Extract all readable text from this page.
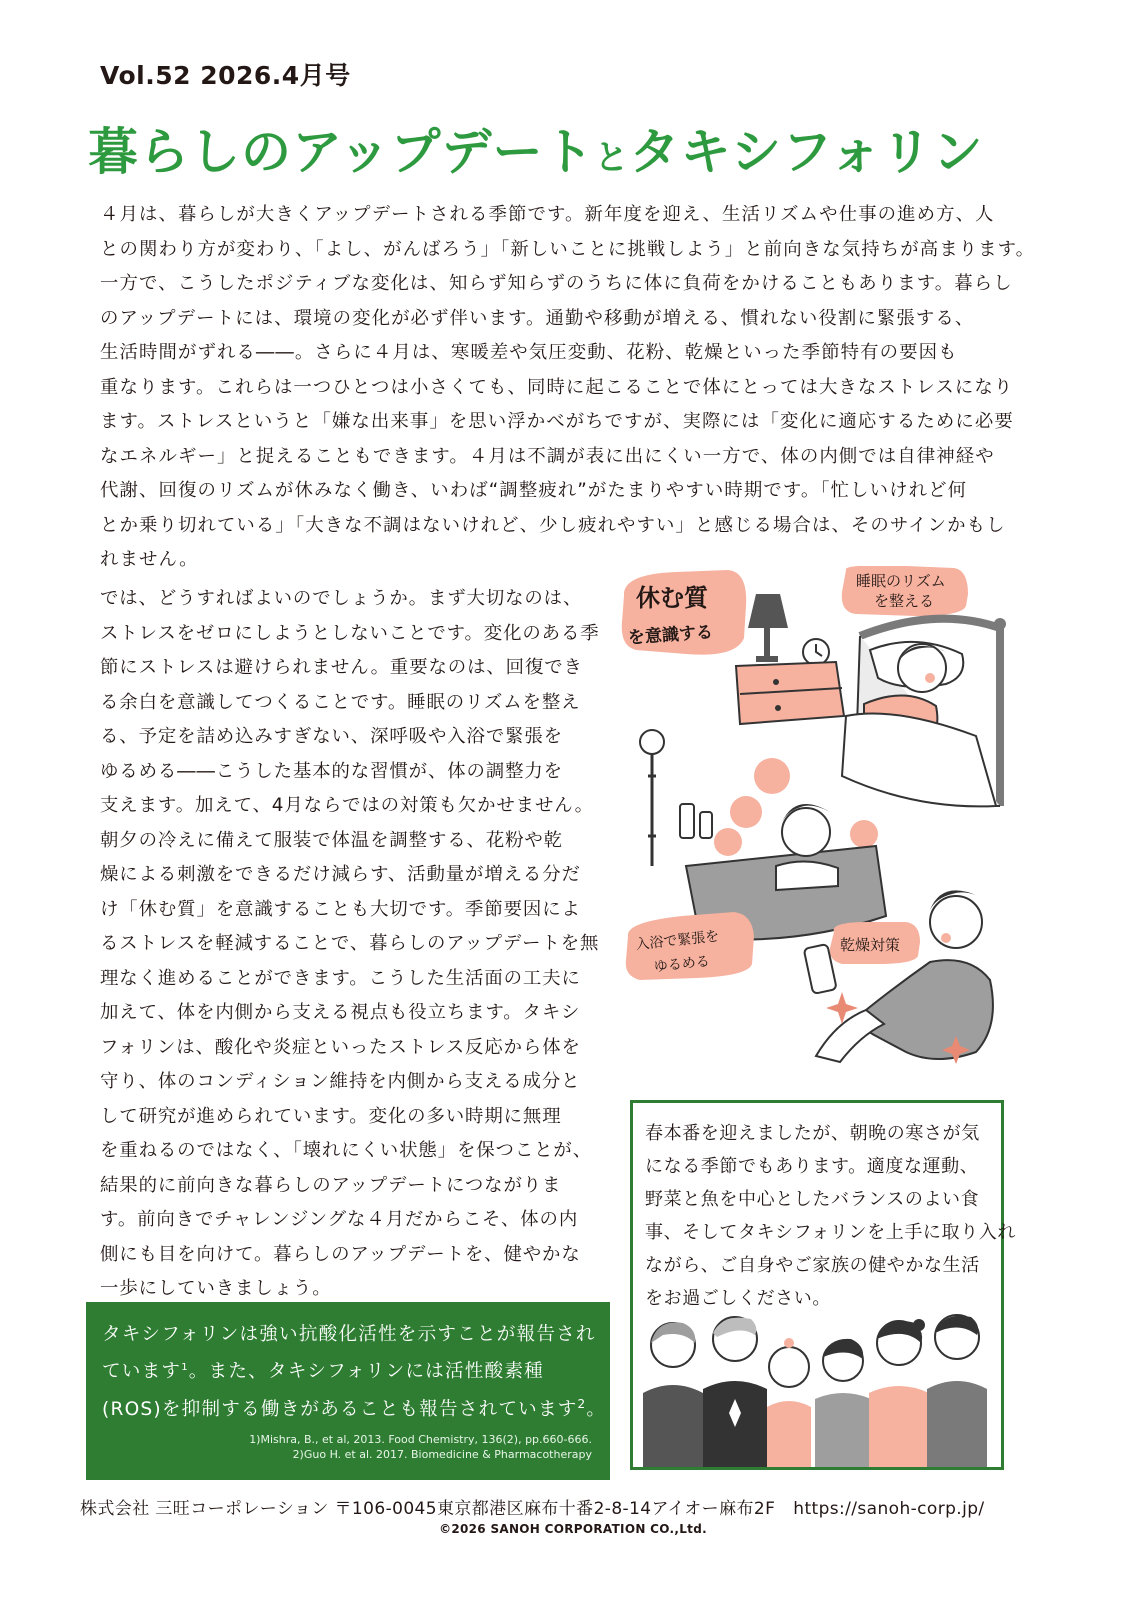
Vol.52 2026.4月号
暮らしのアップデートとタキシフォリン
４月は、暮らしが大きくアップデートされる季節です。新年度を迎え、生活リズムや仕事の進め方、人
との関わり方が変わり、「よし、がんばろう」「新しいことに挑戦しよう」と前向きな気持ちが高まります。
一方で、こうしたポジティブな変化は、知らず知らずのうちに体に負荷をかけることもあります。暮らし
のアップデートには、環境の変化が必ず伴います。通勤や移動が増える、慣れない役割に緊張する、
生活時間がずれる――。さらに４月は、寒暖差や気圧変動、花粉、乾燥といった季節特有の要因も
重なります。これらは一つひとつは小さくても、同時に起こることで体にとっては大きなストレスになり
ます。ストレスというと「嫌な出来事」を思い浮かべがちですが、実際には「変化に適応するために必要
なエネルギー」と捉えることもできます。４月は不調が表に出にくい一方で、体の内側では自律神経や
代謝、回復のリズムが休みなく働き、いわば“調整疲れ”がたまりやすい時期です。「忙しいけれど何
とか乗り切れている」「大きな不調はないけれど、少し疲れやすい」と感じる場合は、そのサインかもし
れません。
では、どうすればよいのでしょうか。まず大切なのは、
ストレスをゼロにしようとしないことです。変化のある季
節にストレスは避けられません。重要なのは、回復でき
る余白を意識してつくることです。睡眠のリズムを整え
る、予定を詰め込みすぎない、深呼吸や入浴で緊張を
ゆるめる――こうした基本的な習慣が、体の調整力を
支えます。加えて、4月ならではの対策も欠かせません。
朝夕の冷えに備えて服装で体温を調整する、花粉や乾
燥による刺激をできるだけ減らす、活動量が増える分だ
け「休む質」を意識することも大切です。季節要因によ
るストレスを軽減することで、暮らしのアップデートを無
理なく進めることができます。こうした生活面の工夫に
加えて、体を内側から支える視点も役立ちます。タキシ
フォリンは、酸化や炎症といったストレス反応から体を
守り、体のコンディション維持を内側から支える成分と
して研究が進められています。変化の多い時期に無理
を重ねるのではなく、「壊れにくい状態」を保つことが、
結果的に前向きな暮らしのアップデートにつながりま
す。前向きでチャレンジングな４月だからこそ、体の内
側にも目を向けて。暮らしのアップデートを、健やかな
一歩にしていきましょう。
休む質
を意識する
睡眠のリズム
を整える
入浴で緊張を
ゆるめる
乾燥対策
春本番を迎えましたが、朝晩の寒さが気
になる季節でもあります。適度な運動、
野菜と魚を中心としたバランスのよい食
事、そしてタキシフォリンを上手に取り入れ
ながら、ご自身やご家族の健やかな生活
をお過ごしください。
タキシフォリンは強い抗酸化活性を示すことが報告され
ています$^1$。また、タキシフォリンには活性酸素種
(ROS)を抑制する働きがあることも報告されています$^2$。
1)Mishra, B., et al, 2013. Food Chemistry, 136(2), pp.660-666.
2)Guo H. et al. 2017. Biomedicine & Pharmacotherapy
株式会社 三旺コーポレーション 〒106-0045東京都港区麻布十番2-8-14アイオー麻布2F https://sanoh-corp.jp/
©2026 SANOH CORPORATION CO.,Ltd.
